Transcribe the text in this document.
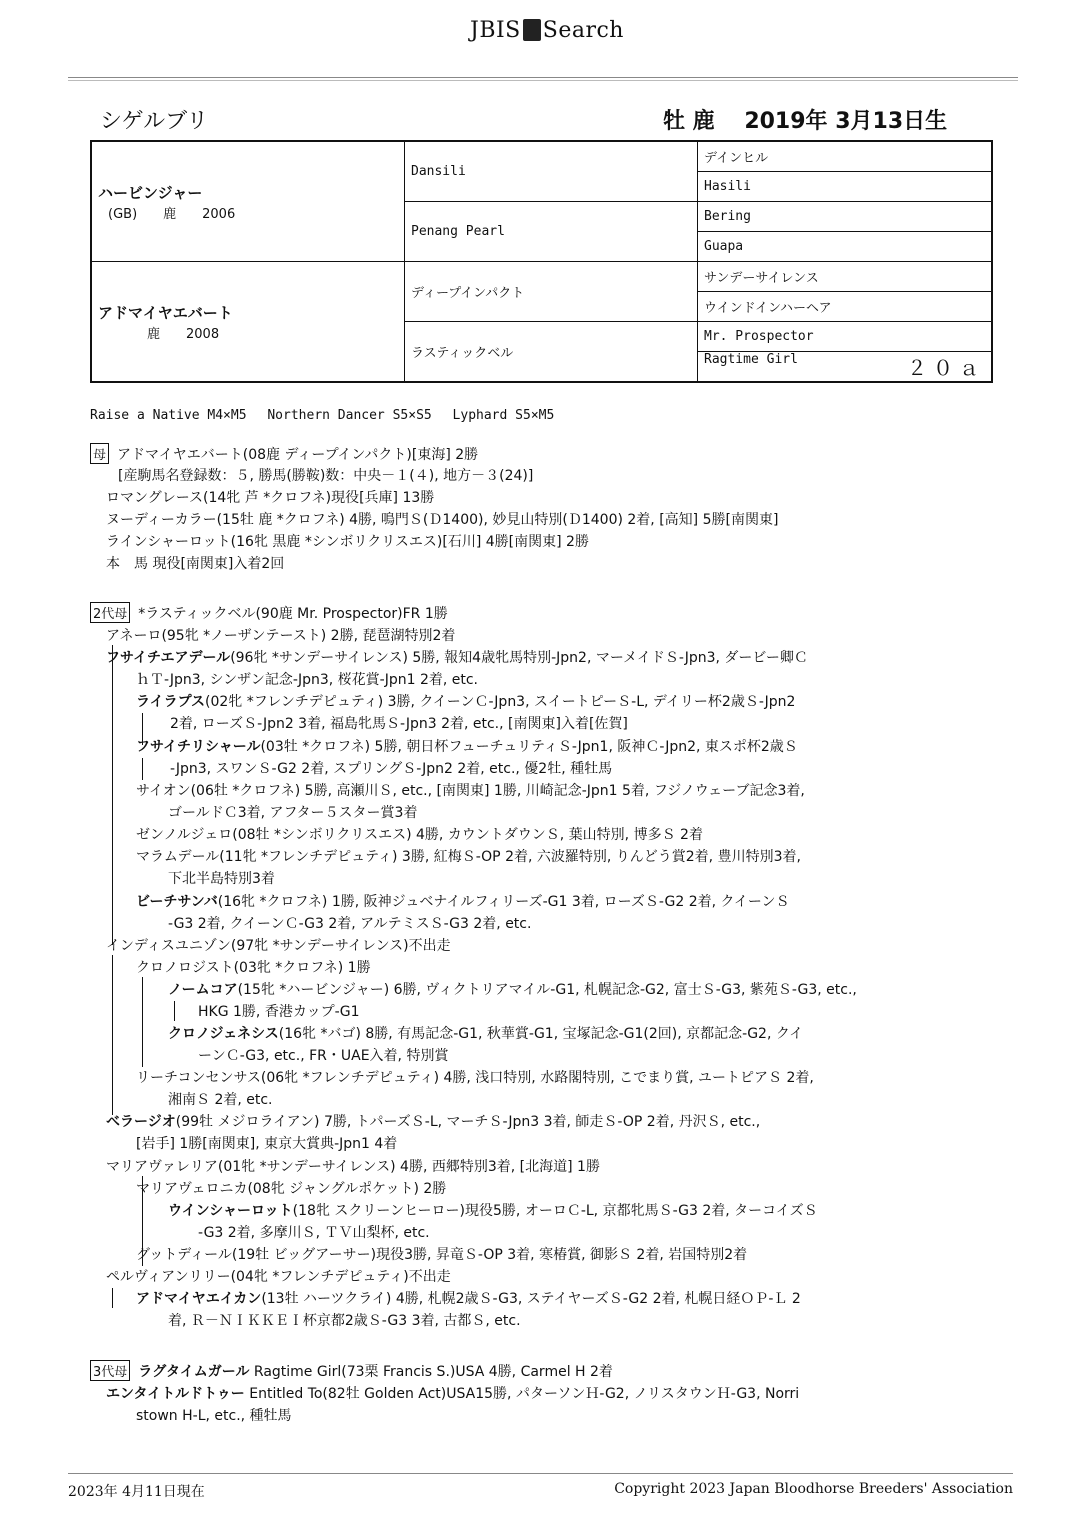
JBIS Search
シゲルブリ	牡 鹿　 2019年 3月13日生
ハービンジャー
(GB)　　鹿　　2006	Dansili	デインヒル
		Hasili
	Penang Pearl	Bering
		Guapa

アドマイヤエバート
　　　鹿　　2008	ディープインパクト	サンデーサイレンス
		ウインドインハーヘア
	ラスティックベル	Mr. Prospector
		Ragtime Girl ２０ａ
Raise a Native M4×M5　 Northern Dancer S5×S5　 Lyphard S5×M5
母 アドマイヤエバート(08鹿 ディープインパクト)[東海] 2勝
[産駒馬名登録数：５, 勝馬(勝鞍)数：中央－１(４), 地方－３(24)]
ロマングレース(14牝 芦 *クロフネ)現役[兵庫] 13勝
ヌーディーカラー(15牡 鹿 *クロフネ) 4勝, 鳴門Ｓ(Ｄ1400), 妙見山特別(Ｄ1400) 2着, [高知] 5勝[南関東]
ラインシャーロット(16牝 黒鹿 *シンボリクリスエス)[石川] 4勝[南関東] 2勝
本　馬 現役[南関東]入着2回
2代母 *ラスティックベル(90鹿 Mr. Prospector)FR 1勝
アネーロ(95牝 *ノーザンテースト) 2勝, 琵琶湖特別2着
フサイチエアデール(96牝 *サンデーサイレンス) 5勝, 報知4歳牝馬特別-Jpn2, マーメイドＳ-Jpn3, ダービー卿Ｃ
ｈＴ-Jpn3, シンザン記念-Jpn3, 桜花賞-Jpn1 2着, etc.
ライラプス(02牝 *フレンチデピュティ) 3勝, クイーンＣ-Jpn3, スイートピーＳ-L, デイリー杯2歳Ｓ-Jpn2
2着, ローズＳ-Jpn2 3着, 福島牝馬Ｓ-Jpn3 2着, etc., [南関東]入着[佐賀]
フサイチリシャール(03牡 *クロフネ) 5勝, 朝日杯フューチュリティＳ-Jpn1, 阪神Ｃ-Jpn2, 東スポ杯2歳Ｓ
-Jpn3, スワンＳ-G2 2着, スプリングＳ-Jpn2 2着, etc., 優2牡, 種牡馬
サイオン(06牡 *クロフネ) 5勝, 高瀬川Ｓ, etc., [南関東] 1勝, 川崎記念-Jpn1 5着, フジノウェーブ記念3着,
ゴールドＣ3着, アフター５スター賞3着
ゼンノルジェロ(08牡 *シンボリクリスエス) 4勝, カウントダウンＳ, 葉山特別, 博多Ｓ 2着
マラムデール(11牝 *フレンチデピュティ) 3勝, 紅梅Ｓ-OP 2着, 六波羅特別, りんどう賞2着, 豊川特別3着,
下北半島特別3着
ビーチサンバ(16牝 *クロフネ) 1勝, 阪神ジュベナイルフィリーズ-G1 3着, ローズＳ-G2 2着, クイーンＳ
-G3 2着, クイーンＣ-G3 2着, アルテミスＳ-G3 2着, etc.
インディスユニゾン(97牝 *サンデーサイレンス)不出走
クロノロジスト(03牝 *クロフネ) 1勝
ノームコア(15牝 *ハービンジャー) 6勝, ヴィクトリアマイル-G1, 札幌記念-G2, 富士Ｓ-G3, 紫苑Ｓ-G3, etc.,
HKG 1勝, 香港カップ-G1
クロノジェネシス(16牝 *バゴ) 8勝, 有馬記念-G1, 秋華賞-G1, 宝塚記念-G1(2回), 京都記念-G2, クイ
ーンＣ-G3, etc., FR・UAE入着, 特別賞
リーチコンセンサス(06牝 *フレンチデピュティ) 4勝, 浅口特別, 水路閣特別, こでまり賞, ユートピアＳ 2着,
湘南Ｓ 2着, etc.
ベラージオ(99牡 メジロライアン) 7勝, トパーズＳ-L, マーチＳ-Jpn3 3着, 師走Ｓ-OP 2着, 丹沢Ｓ, etc.,
[岩手] 1勝[南関東], 東京大賞典-Jpn1 4着
マリアヴァレリア(01牝 *サンデーサイレンス) 4勝, 西郷特別3着, [北海道] 1勝
マリアヴェロニカ(08牝 ジャングルポケット) 2勝
ウインシャーロット(18牝 スクリーンヒーロー)現役5勝, オーロＣ-L, 京都牝馬Ｓ-G3 2着, ターコイズＳ
-G3 2着, 多摩川Ｓ, ＴＶ山梨杯, etc.
グットディール(19牡 ビッグアーサー)現役3勝, 昇竜Ｓ-OP 3着, 寒椿賞, 御影Ｓ 2着, 岩国特別2着
ペルヴィアンリリー(04牝 *フレンチデピュティ)不出走
アドマイヤエイカン(13牡 ハーツクライ) 4勝, 札幌2歳Ｓ-G3, ステイヤーズＳ-G2 2着, 札幌日経ＯＰ-Ｌ 2
着, Ｒ－ＮＩＫＫＥＩ杯京都2歳Ｓ-G3 3着, 古都Ｓ, etc.
3代母 ラグタイムガール Ragtime Girl(73栗 Francis S.)USA 4勝, Carmel H 2着
エンタイトルドトゥー Entitled To(82牡 Golden Act)USA15勝, パターソンＨ-G2, ノリスタウンＨ-G3, Norri
stown H-L, etc., 種牡馬
2023年 4月11日現在	Copyright 2023 Japan Bloodhorse Breeders' Association
